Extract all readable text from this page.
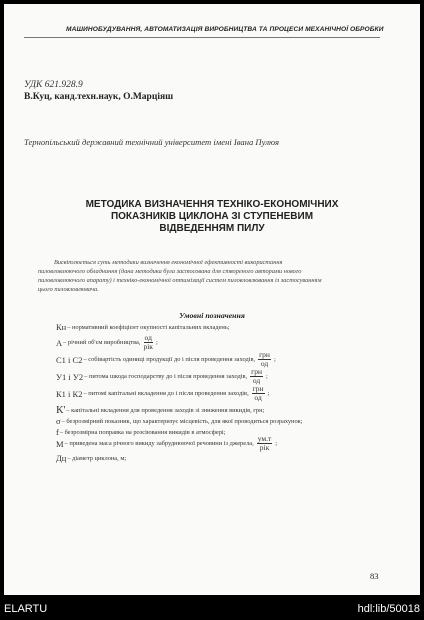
МАШИНОБУДУВАННЯ, АВТОМАТИЗАЦІЯ ВИРОБНИЦТВА ТА ПРОЦЕСИ МЕХАНІЧНОЇ ОБРОБКИ
УДК 621.928.9
В.Куц, канд.техн.наук, О.Марціяш
Тернопільський державний технічний університет імені Івана Пулюя
МЕТОДИКА ВИЗНАЧЕННЯ ТЕХНІКО-ЕКОНОМІЧНИХ
ПОКАЗНИКІВ ЦИКЛОНА ЗІ СТУПЕНЕВИМ
ВІДВЕДЕННЯМ ПИЛУ
Висвітлюється суть методики визначення економічної ефективності використання
пиловловлюючого обладнання (дана методика була застосована для створеного авторами нового
пиловловлюючого апарату) і техніко-економічної оптимізації систем пиловловлювання із застосуванням
цього пиловловлювача.
Умовні позначення
Кн – нормативний коефіцієнт окупності капітальних вкладень;
А – річний об'єм виробництва, $\frac{од}{\text{рік}}$ ;
С1 і С2 – собівартість одиниці продукції до і після проведення заходів, $\frac{\text{грн}}{од}$ ;
У1 і У2 – питома шкода господарству до і після проведення заходів, $\frac{\text{грн}}{од}$ ;
К1 і К2 – питомі капітальні вкладення до і після проведення заходів, $\frac{\text{грн}}{од}$ ;
К' – капітальні вкладення для проведення заходів зі зниження викидів, грн;
σ – безрозмірний показник, що характеризує місцевість, для якої проводиться розрахунок;
f – безрозмірна поправка на розсіювання викидів в атмосфері;
М – приведена маса річного викиду забруднюючої речовини із джерела, $\frac{ум.т}{\text{рік}}$ ;
Дц – діаметр циклона, м;
83
ELARTU	hdl:lib/50018
